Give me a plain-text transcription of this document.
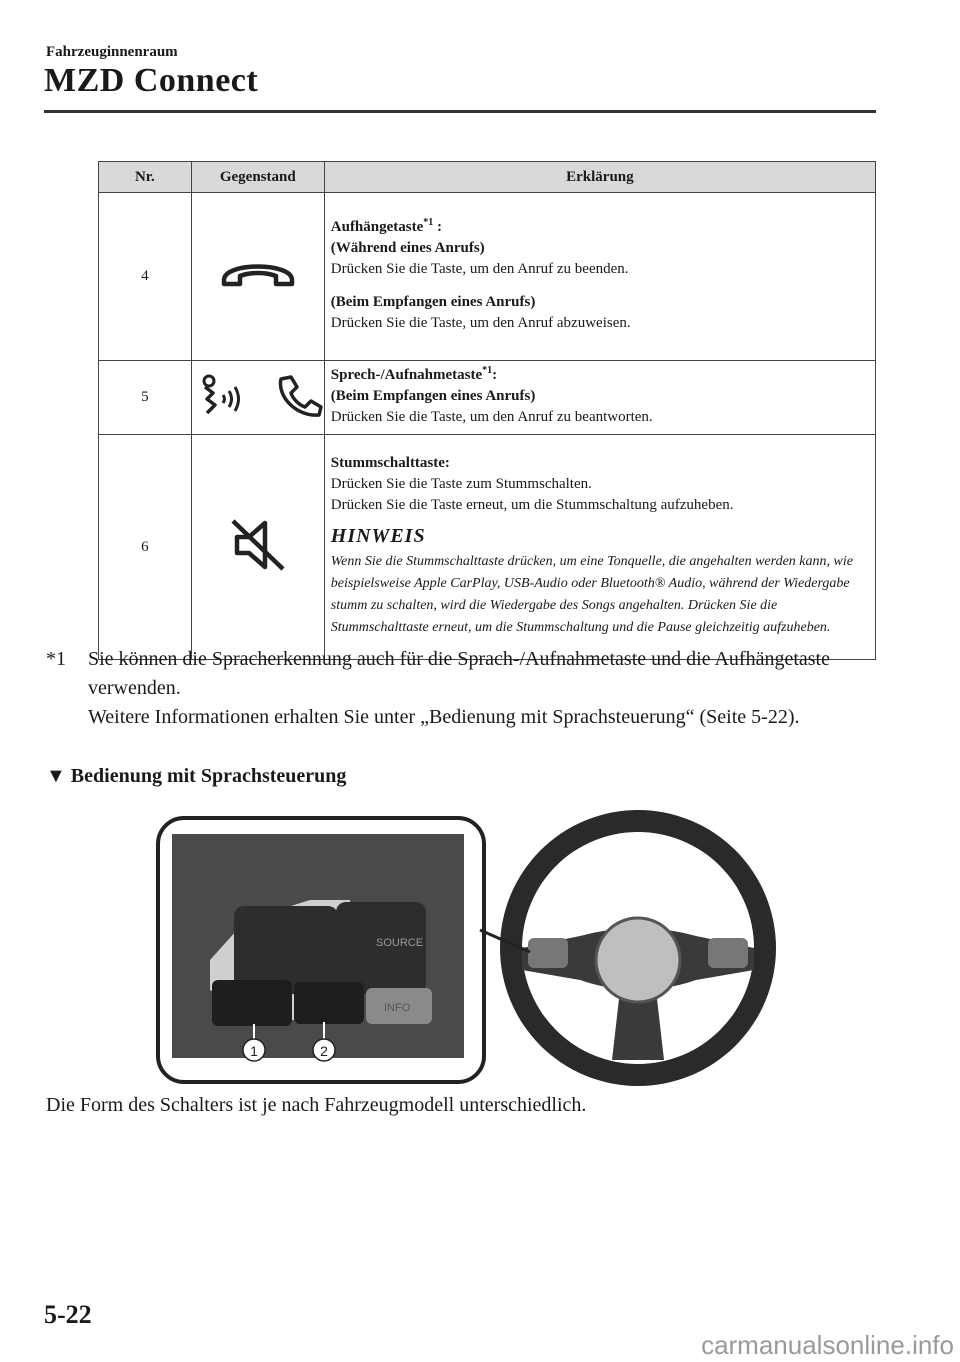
Fahrzeuginnenraum
MZD Connect
Nr.	Gegenstand	Erklärung
4		Aufhängetaste$^{*1}$ :
(Während eines Anrufs)
Drücken Sie die Taste, um den Anruf zu beenden.
(Beim Empfangen eines Anrufs)
Drücken Sie die Taste, um den Anruf abzuweisen.

5		Sprech-/Aufnahmetaste$^{*1}$:
(Beim Empfangen eines Anrufs)
Drücken Sie die Taste, um den Anruf zu beantworten.

6		Stummschalttaste:
Drücken Sie die Taste zum Stummschalten.
Drücken Sie die Taste erneut, um die Stummschaltung aufzuheben.
HINWEIS
Wenn Sie die Stummschalttaste drücken, um eine Tonquelle, die angehalten werden kann, wie beispielsweise Apple CarPlay, USB-Audio oder Bluetooth® Audio, während der Wiedergabe stumm zu schalten, wird die Wiedergabe des Songs angehalten. Drücken Sie die Stummschalttaste erneut, um die Stummschaltung und die Pause gleichzeitig aufzuheben.
*1 Sie können die Spracherkennung auch für die Sprach-/Aufnahmetaste und die Aufhängetaste verwenden.
Weitere Informationen erhalten Sie unter „Bedienung mit Sprachsteuerung“ (Seite 5-22).
▼ Bedienung mit Sprachsteuerung
SOURCE
INFO
1	2
Die Form des Schalters ist je nach Fahrzeugmodell unterschiedlich.
5-22
carmanualsonline.info
